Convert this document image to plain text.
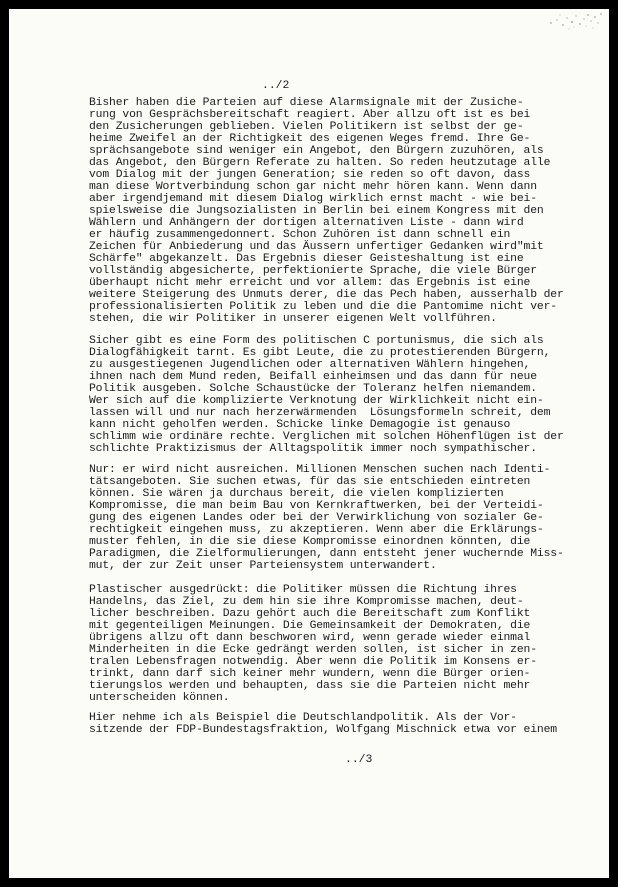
../2
Bisher haben die Parteien auf diese Alarmsignale mit der Zusiche-
rung von Gesprächsbereitschaft reagiert. Aber allzu oft ist es bei
den Zusicherungen geblieben. Vielen Politikern ist selbst der ge-
heime Zweifel an der Richtigkeit des eigenen Weges fremd. Ihre Ge-
sprächsangebote sind weniger ein Angebot, den Bürgern zuzuhören, als
das Angebot, den Bürgern Referate zu halten. So reden heutzutage alle
vom Dialog mit der jungen Generation; sie reden so oft davon, dass
man diese Wortverbindung schon gar nicht mehr hören kann. Wenn dann
aber irgendjemand mit diesem Dialog wirklich ernst macht - wie bei-
spielsweise die Jungsozialisten in Berlin bei einem Kongress mit den
Wählern und Anhängern der dortigen alternativen Liste - dann wird
er häufig zusammengedonnert. Schon Zuhören ist dann schnell ein
Zeichen für Anbiederung und das Äussern unfertiger Gedanken wird"mit
Schärfe" abgekanzelt. Das Ergebnis dieser Geisteshaltung ist eine
vollständig abgesicherte, perfektionierte Sprache, die viele Bürger
überhaupt nicht mehr erreicht und vor allem: das Ergebnis ist eine
weitere Steigerung des Unmuts derer, die das Pech haben, ausserhalb der
professionalisierten Politik zu leben und die die Pantomime nicht ver-
stehen, die wir Politiker in unserer eigenen Welt vollführen.
Sicher gibt es eine Form des politischen C portunismus, die sich als
Dialogfähigkeit tarnt. Es gibt Leute, die zu protestierenden Bürgern,
zu ausgestiegenen Jugendlichen oder alternativen Wählern hingehen,
ihnen nach dem Mund reden, Beifall einheimsen und das dann für neue
Politik ausgeben. Solche Schaustücke der Toleranz helfen niemandem.
Wer sich auf die komplizierte Verknotung der Wirklichkeit nicht ein-
lassen will und nur nach herzerwärmenden  Lösungsformeln schreit, dem
kann nicht geholfen werden. Schicke linke Demagogie ist genauso
schlimm wie ordinäre rechte. Verglichen mit solchen Höhenflügen ist der
schlichte Praktizismus der Alltagspolitik immer noch sympathischer.
Nur: er wird nicht ausreichen. Millionen Menschen suchen nach Identi-
tätsangeboten. Sie suchen etwas, für das sie entschieden eintreten
können. Sie wären ja durchaus bereit, die vielen komplizierten
Kompromisse, die man beim Bau von Kernkraftwerken, bei der Verteidi-
gung des eigenen Landes oder bei der Verwirklichung von sozialer Ge-
rechtigkeit eingehen muss, zu akzeptieren. Wenn aber die Erklärungs-
muster fehlen, in die sie diese Kompromisse einordnen könnten, die
Paradigmen, die Zielformulierungen, dann entsteht jener wuchernde Miss-
mut, der zur Zeit unser Parteiensystem unterwandert.
Plastischer ausgedrückt: die Politiker müssen die Richtung ihres
Handelns, das Ziel, zu dem hin sie ihre Kompromisse machen, deut-
licher beschreiben. Dazu gehört auch die Bereitschaft zum Konflikt
mit gegenteiligen Meinungen. Die Gemeinsamkeit der Demokraten, die
übrigens allzu oft dann beschworen wird, wenn gerade wieder einmal
Minderheiten in die Ecke gedrängt werden sollen, ist sicher in zen-
tralen Lebensfragen notwendig. Aber wenn die Politik im Konsens er-
trinkt, dann darf sich keiner mehr wundern, wenn die Bürger orien-
tierungslos werden und behaupten, dass sie die Parteien nicht mehr
unterscheiden können.
Hier nehme ich als Beispiel die Deutschlandpolitik. Als der Vor-
sitzende der FDP-Bundestagsfraktion, Wolfgang Mischnick etwa vor einem
../3
